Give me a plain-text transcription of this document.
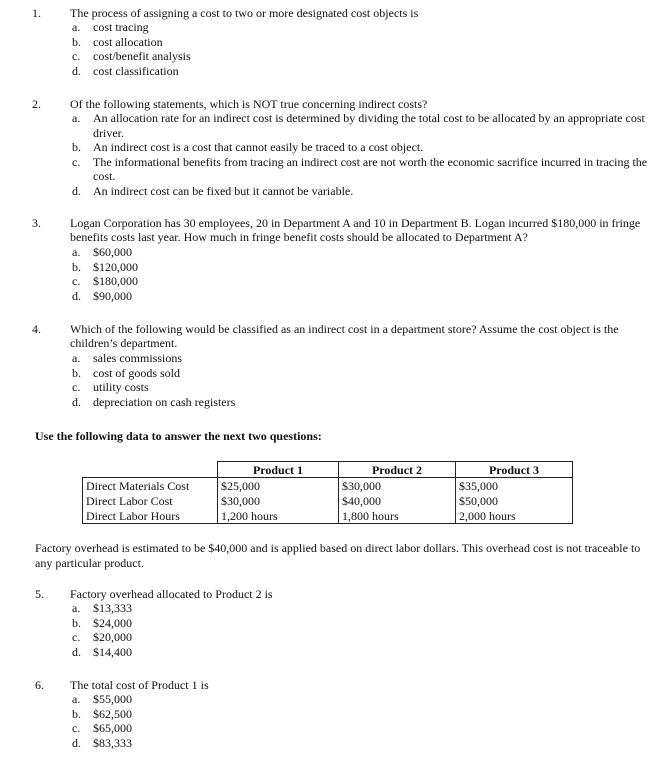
1. The process of assigning a cost to two or more designated cost objects is
a. cost tracing
b. cost allocation
c. cost/benefit analysis
d. cost classification
2. Of the following statements, which is NOT true concerning indirect costs?
a. An allocation rate for an indirect cost is determined by dividing the total cost to be allocated by an appropriate cost driver.
b. An indirect cost is a cost that cannot easily be traced to a cost object.
c. The informational benefits from tracing an indirect cost are not worth the economic sacrifice incurred in tracing the cost.
d. An indirect cost can be fixed but it cannot be variable.
3. Logan Corporation has 30 employees, 20 in Department A and 10 in Department B. Logan incurred $180,000 in fringe benefits costs last year. How much in fringe benefit costs should be allocated to Department A?
a. $60,000
b. $120,000
c. $180,000
d. $90,000
4. Which of the following would be classified as an indirect cost in a department store? Assume the cost object is the children’s department.
a. sales commissions
b. cost of goods sold
c. utility costs
d. depreciation on cash registers
Use the following data to answer the next two questions:
	Product 1	Product 2	Product 3
Direct Materials Cost	$25,000	$30,000	$35,000
Direct Labor Cost	$30,000	$40,000	$50,000
Direct Labor Hours	1,200 hours	1,800 hours	2,000 hours
Factory overhead is estimated to be $40,000 and is applied based on direct labor dollars. This overhead cost is not traceable to any particular product.
5. Factory overhead allocated to Product 2 is
a. $13,333
b. $24,000
c. $20,000
d. $14,400
6. The total cost of Product 1 is
a. $55,000
b. $62,500
c. $65,000
d. $83,333
